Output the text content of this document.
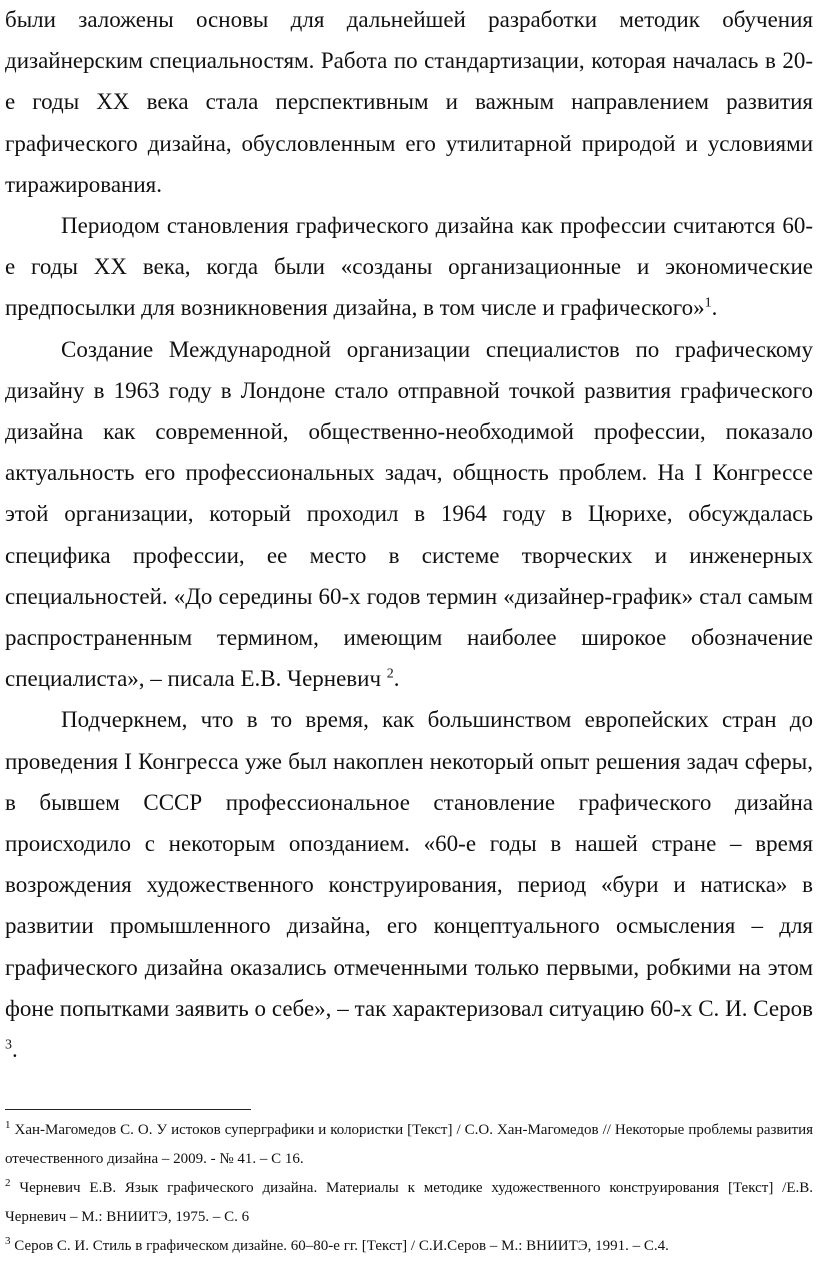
были заложены основы для дальнейшей разработки методик обучения дизайнерским специальностям. Работа по стандартизации, которая началась в 20-е годы XX века стала перспективным и важным направлением развития графического дизайна, обусловленным его утилитарной природой и условиями тиражирования.

Периодом становления графического дизайна как профессии считаются 60-е годы XX века, когда были «созданы организационные и экономические предпосылки для возникновения дизайна, в том числе и графического»$^1$.

Создание Международной организации специалистов по графическому дизайну в 1963 году в Лондоне стало отправной точкой развития графического дизайна как современной, общественно-необходимой профессии, показало актуальность его профессиональных задач, общность проблем. На I Конгрессе этой организации, который проходил в 1964 году в Цюрихе, обсуждалась специфика профессии, ее место в системе творческих и инженерных специальностей. «До середины 60-х годов термин «дизайнер-график» стал самым распространенным термином, имеющим наиболее широкое обозначение специалиста», – писала Е.В. Черневич $^2$.

Подчеркнем, что в то время, как большинством европейских стран до проведения I Конгресса уже был накоплен некоторый опыт решения задач сферы, в бывшем СССР профессиональное становление графического дизайна происходило с некоторым опозданием. «60-е годы в нашей стране – время возрождения художественного конструирования, период «бури и натиска» в развитии промышленного дизайна, его концептуального осмысления – для графического дизайна оказались отмеченными только первыми, робкими на этом фоне попытками заявить о себе», – так характеризовал ситуацию 60-х С. И. Серов $^3$.

$^1$ Хан-Магомедов С. О. У истоков суперграфики и колористки [Текст] / С.О. Хан-Магомедов // Некоторые проблемы развития отечественного дизайна – 2009. - № 41. – С 16.

$^2$ Черневич Е.В. Язык графического дизайна. Материалы к методике художественного конструирования [Текст] /Е.В. Черневич – М.: ВНИИТЭ, 1975. – С. 6

$^3$ Серов С. И. Стиль в графическом дизайне. 60–80-е гг. [Текст] / С.И.Серов – М.: ВНИИТЭ, 1991. – С.4.
